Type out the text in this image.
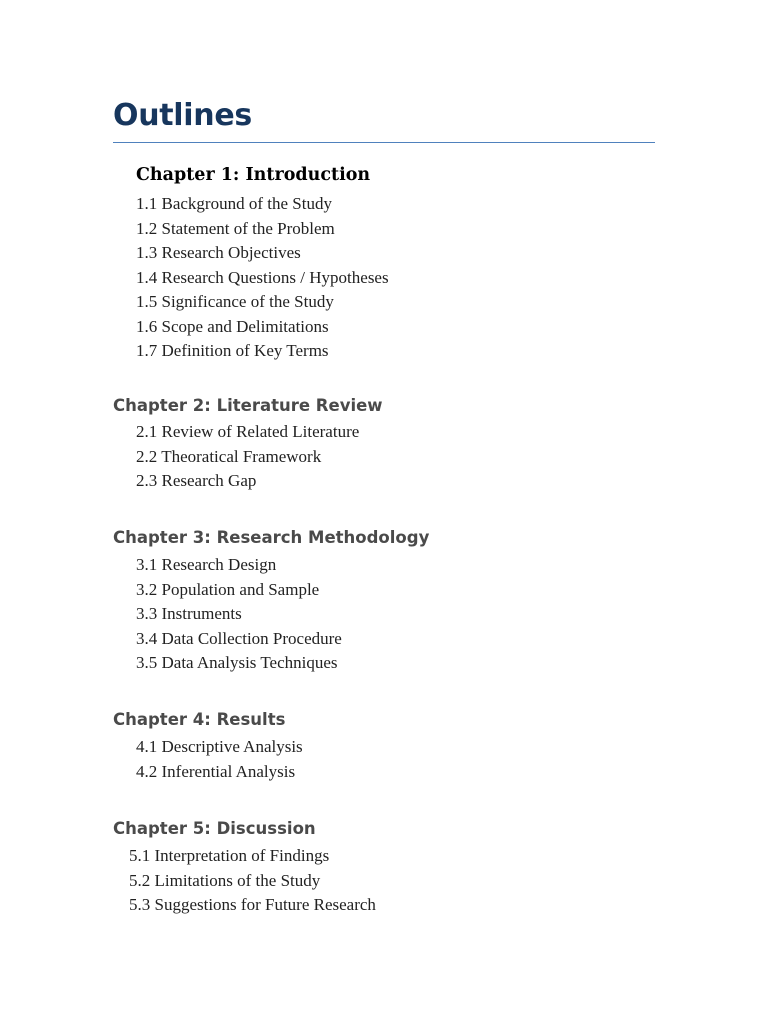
Outlines
Chapter 1: Introduction
1.1 Background of the Study
1.2 Statement of the Problem
1.3 Research Objectives
1.4 Research Questions / Hypotheses
1.5 Significance of the Study
1.6 Scope and Delimitations
1.7 Definition of Key Terms
Chapter 2: Literature Review
2.1 Review of Related Literature
2.2 Theoratical Framework
2.3 Research Gap
Chapter 3: Research Methodology
3.1 Research Design
3.2 Population and Sample
3.3 Instruments
3.4 Data Collection Procedure
3.5 Data Analysis Techniques
Chapter 4: Results
4.1 Descriptive Analysis
4.2 Inferential Analysis
Chapter 5: Discussion
5.1 Interpretation of Findings
5.2 Limitations of the Study
5.3 Suggestions for Future Research
